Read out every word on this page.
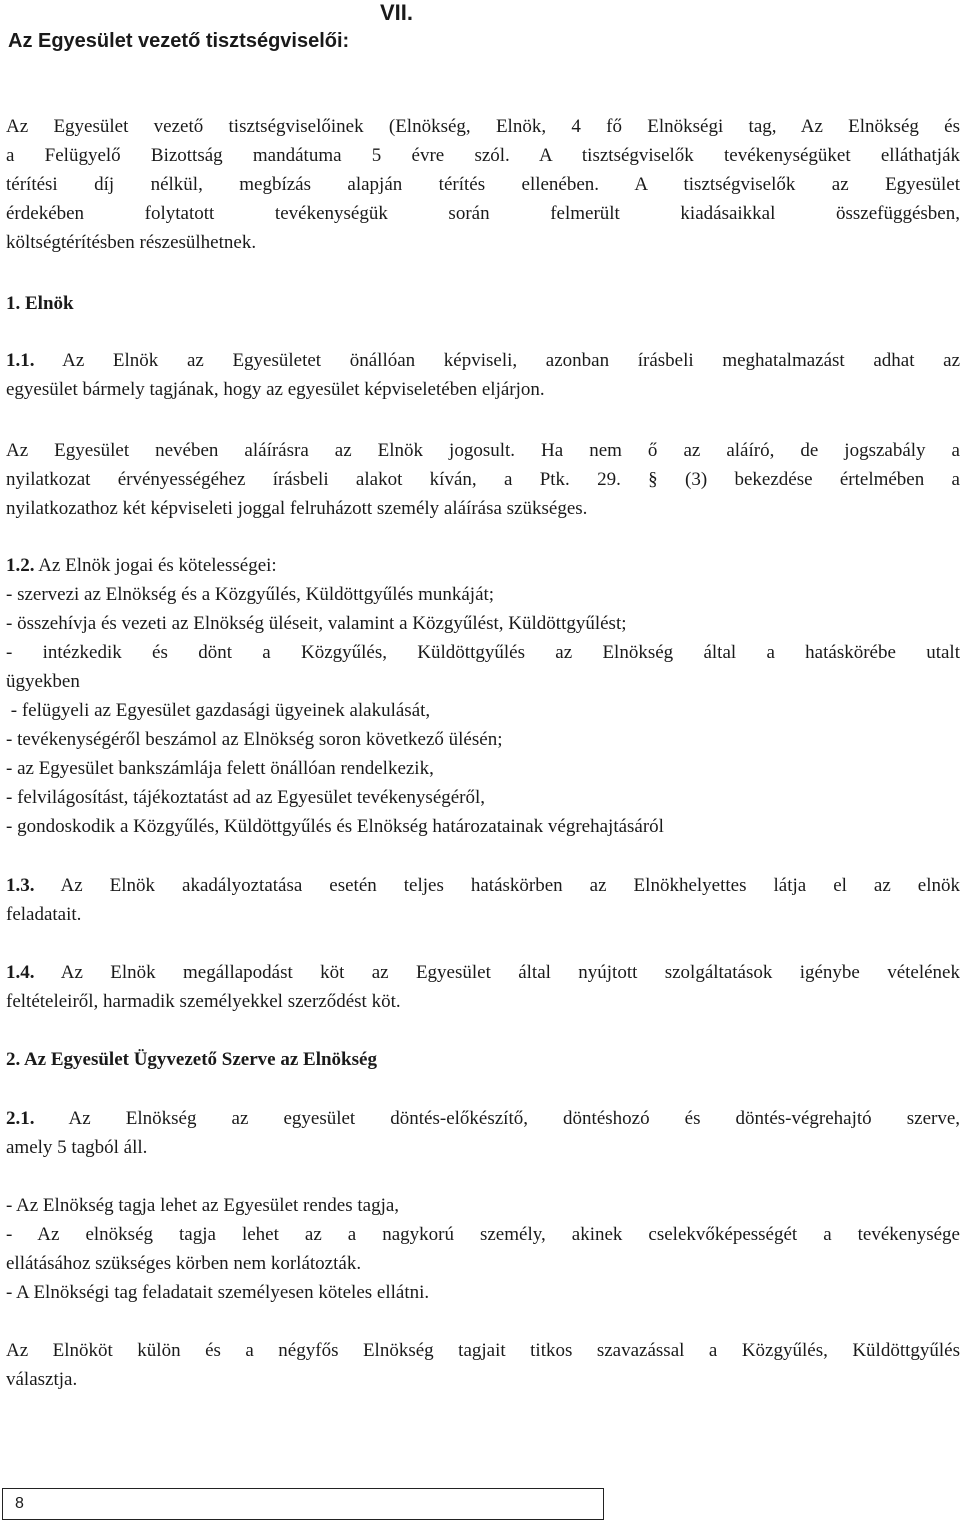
VII.
Az Egyesület vezető tisztségviselői:
Az Egyesület vezető tisztségviselőinek (Elnökség, Elnök, 4 fő Elnökségi tag, Az Elnökség és
a Felügyelő Bizottság mandátuma 5 évre szól. A tisztségviselők tevékenységüket elláthatják
térítési díj nélkül, megbízás alapján térítés ellenében. A tisztségviselők az Egyesület
érdekében folytatott tevékenységük során felmerült kiadásaikkal összefüggésben,
költségtérítésben részesülhetnek.
1. Elnök
1.1. Az Elnök az Egyesületet önállóan képviseli, azonban írásbeli meghatalmazást adhat az
egyesület bármely tagjának, hogy az egyesület képviseletében eljárjon.
Az Egyesület nevében aláírásra az Elnök jogosult. Ha nem ő az aláíró, de jogszabály a
nyilatkozat érvényességéhez írásbeli alakot kíván, a Ptk. 29. § (3) bekezdése értelmében a
nyilatkozathoz két képviseleti joggal felruházott személy aláírása szükséges.
1.2. Az Elnök jogai és kötelességei:
- szervezi az Elnökség és a Közgyűlés, Küldöttgyűlés munkáját;
- összehívja és vezeti az Elnökség üléseit, valamint a Közgyűlést, Küldöttgyűlést;
- intézkedik és dönt a Közgyűlés, Küldöttgyűlés az Elnökség által a hatáskörébe utalt
ügyekben
- felügyeli az Egyesület gazdasági ügyeinek alakulását,
- tevékenységéről beszámol az Elnökség soron következő ülésén;
- az Egyesület bankszámlája felett önállóan rendelkezik,
- felvilágosítást, tájékoztatást ad az Egyesület tevékenységéről,
- gondoskodik a Közgyűlés, Küldöttgyűlés és Elnökség határozatainak végrehajtásáról
1.3. Az Elnök akadályoztatása esetén teljes hatáskörben az Elnökhelyettes látja el az elnök
feladatait.
1.4. Az Elnök megállapodást köt az Egyesület által nyújtott szolgáltatások igénybe vételének
feltételeiről, harmadik személyekkel szerződést köt.
2. Az Egyesület Ügyvezető Szerve az Elnökség
2.1. Az Elnökség az egyesület döntés-előkészítő, döntéshozó és döntés-végrehajtó szerve,
amely 5 tagból áll.
- Az Elnökség tagja lehet az Egyesület rendes tagja,
- Az elnökség tagja lehet az a nagykorú személy, akinek cselekvőképességét a tevékenysége
ellátásához szükséges körben nem korlátozták.
- A Elnökségi tag feladatait személyesen köteles ellátni.
Az Elnököt külön és a négyfős Elnökség tagjait titkos szavazással a Közgyűlés, Küldöttgyűlés
választja.
8
